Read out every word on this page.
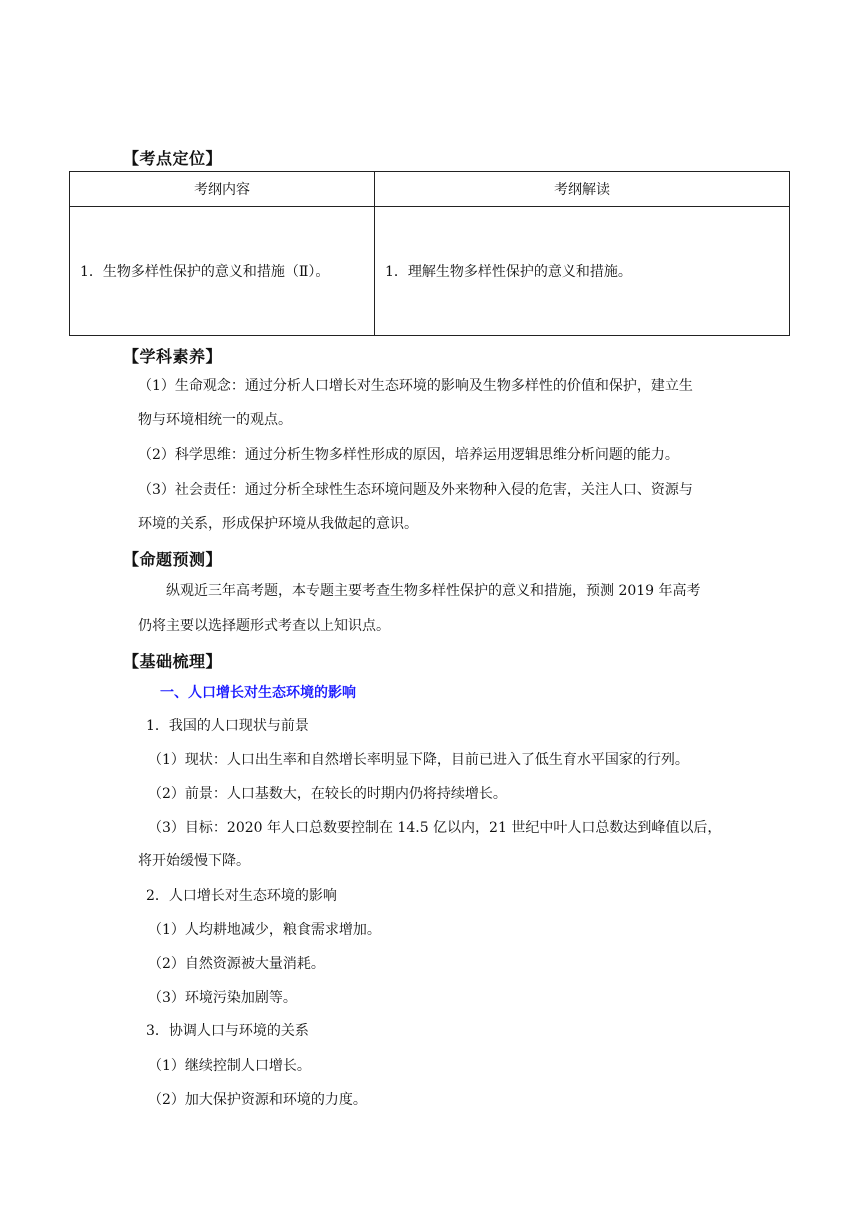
【考点定位】
考纲内容	考纲解读
1．生物多样性保护的意义和措施（Ⅱ）。	1．理解生物多样性保护的意义和措施。
【学科素养】
（1）生命观念：通过分析人口增长对生态环境的影响及生物多样性的价值和保护，建立生
物与环境相统一的观点。
（2）科学思维：通过分析生物多样性形成的原因，培养运用逻辑思维分析问题的能力。
（3）社会责任：通过分析全球性生态环境问题及外来物种入侵的危害，关注人口、资源与
环境的关系，形成保护环境从我做起的意识。
【命题预测】
纵观近三年高考题，本专题主要考查生物多样性保护的意义和措施，预测 2019 年高考
仍将主要以选择题形式考查以上知识点。
【基础梳理】
一、人口增长对生态环境的影响
1．我国的人口现状与前景
（1）现状：人口出生率和自然增长率明显下降，目前已进入了低生育水平国家的行列。
（2）前景：人口基数大，在较长的时期内仍将持续增长。
（3）目标：2020 年人口总数要控制在 14.5 亿以内，21 世纪中叶人口总数达到峰值以后，
将开始缓慢下降。
2．人口增长对生态环境的影响
（1）人均耕地减少，粮食需求增加。
（2）自然资源被大量消耗。
（3）环境污染加剧等。
3．协调人口与环境的关系
（1）继续控制人口增长。
（2）加大保护资源和环境的力度。
